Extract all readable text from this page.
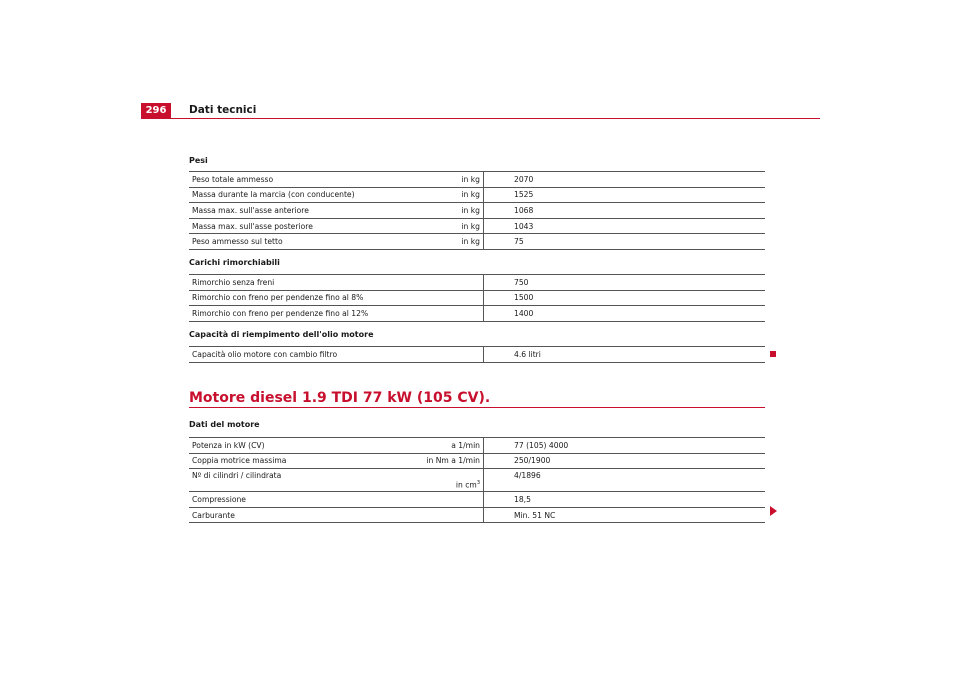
296	Dati tecnici
Pesi
Peso totale ammesso	in kg	2070
Massa durante la marcia (con conducente)	in kg	1525
Massa max. sull'asse anteriore	in kg	1068
Massa max. sull'asse posteriore	in kg	1043
Peso ammesso sul tetto	in kg	75
Carichi rimorchiabili
Rimorchio senza freni		750
Rimorchio con freno per pendenze fino al 8%		1500
Rimorchio con freno per pendenze fino al 12%		1400
Capacità di riempimento dell'olio motore
Capacità olio motore con cambio filtro		4.6 litri
Motore diesel 1.9 TDI 77 kW (105 CV).
Dati del motore
Potenza in kW (CV)	a 1/min	77 (105) 4000
Coppia motrice massima	in Nm a 1/min	250/1900
Nº di cilindri / cilindrata	in $cm^3$	4/1896
Compressione		18,5
Carburante		Min. 51 NC
